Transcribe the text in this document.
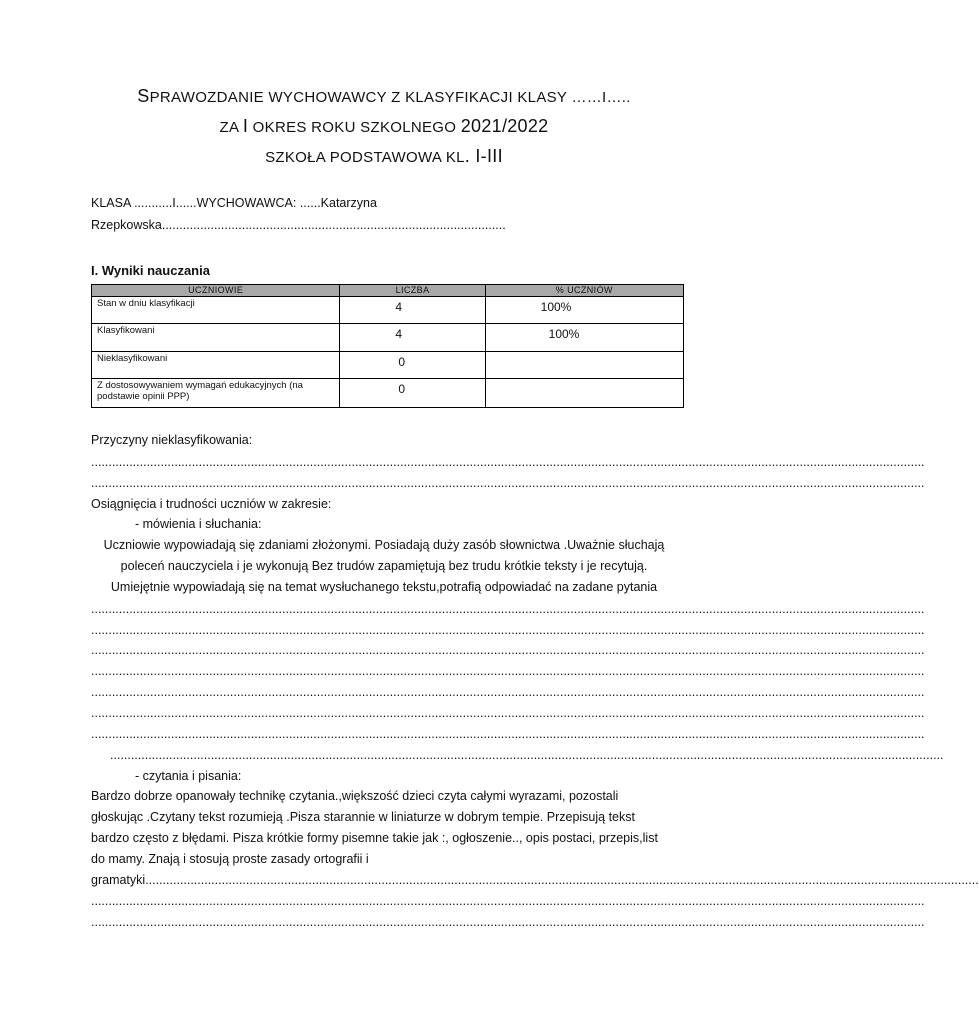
SPRAWOZDANIE WYCHOWAWCY Z KLASYFIKACJI KLASY ……I…..
ZA I OKRES ROKU SZKOLNEGO 2021/2022
SZKOŁA PODSTAWOWA KL. I-III
KLASA ...........I......WYCHOWAWCA: ......Katarzyna
Rzepkowska...................................................................................................
I. Wyniki nauczania
UCZNIOWIE	LICZBA	% UCZNIÓW
Stan w dniu klasyfikacji	4	100%
Klasyfikowani	4	100%
Nieklasyfikowani	0	
Z dostosowywaniem wymagań edukacyjnych (na podstawie opinii PPP)	0	
Przyczyny nieklasyfikowania:
................................................................................................................................................................................................................................................
................................................................................................................................................................................................................................................
Osiągnięcia i trudności uczniów w zakresie:
- mówienia i słuchania:
Uczniowie wypowiadają się zdaniami złożonymi. Posiadają duży zasób słownictwa .Uważnie słuchają
poleceń nauczyciela i je wykonują Bez trudów zapamiętują bez trudu krótkie teksty i je recytują.
Umiejętnie wypowiadają się na temat wysłuchanego tekstu,potrafią odpowiadać na zadane pytania
................................................................................................................................................................................................................................................
................................................................................................................................................................................................................................................
................................................................................................................................................................................................................................................
................................................................................................................................................................................................................................................
................................................................................................................................................................................................................................................
................................................................................................................................................................................................................................................
................................................................................................................................................................................................................................................
................................................................................................................................................................................................................................................
- czytania i pisania:
Bardzo dobrze opanowały technikę czytania.,większość dzieci czyta całymi wyrazami, pozostali
głoskując .Czytany tekst rozumieją .Pisza starannie w liniaturze w dobrym tempie. Przepisują tekst
bardzo często z błędami. Pisza krótkie formy pisemne takie jak :, ogłoszenie.., opis postaci, przepis,list
do mamy. Znają i stosują proste zasady ortografii i
gramatyki................................................................................................................................................................................................................................................
................................................................................................................................................................................................................................................
................................................................................................................................................................................................................................................
